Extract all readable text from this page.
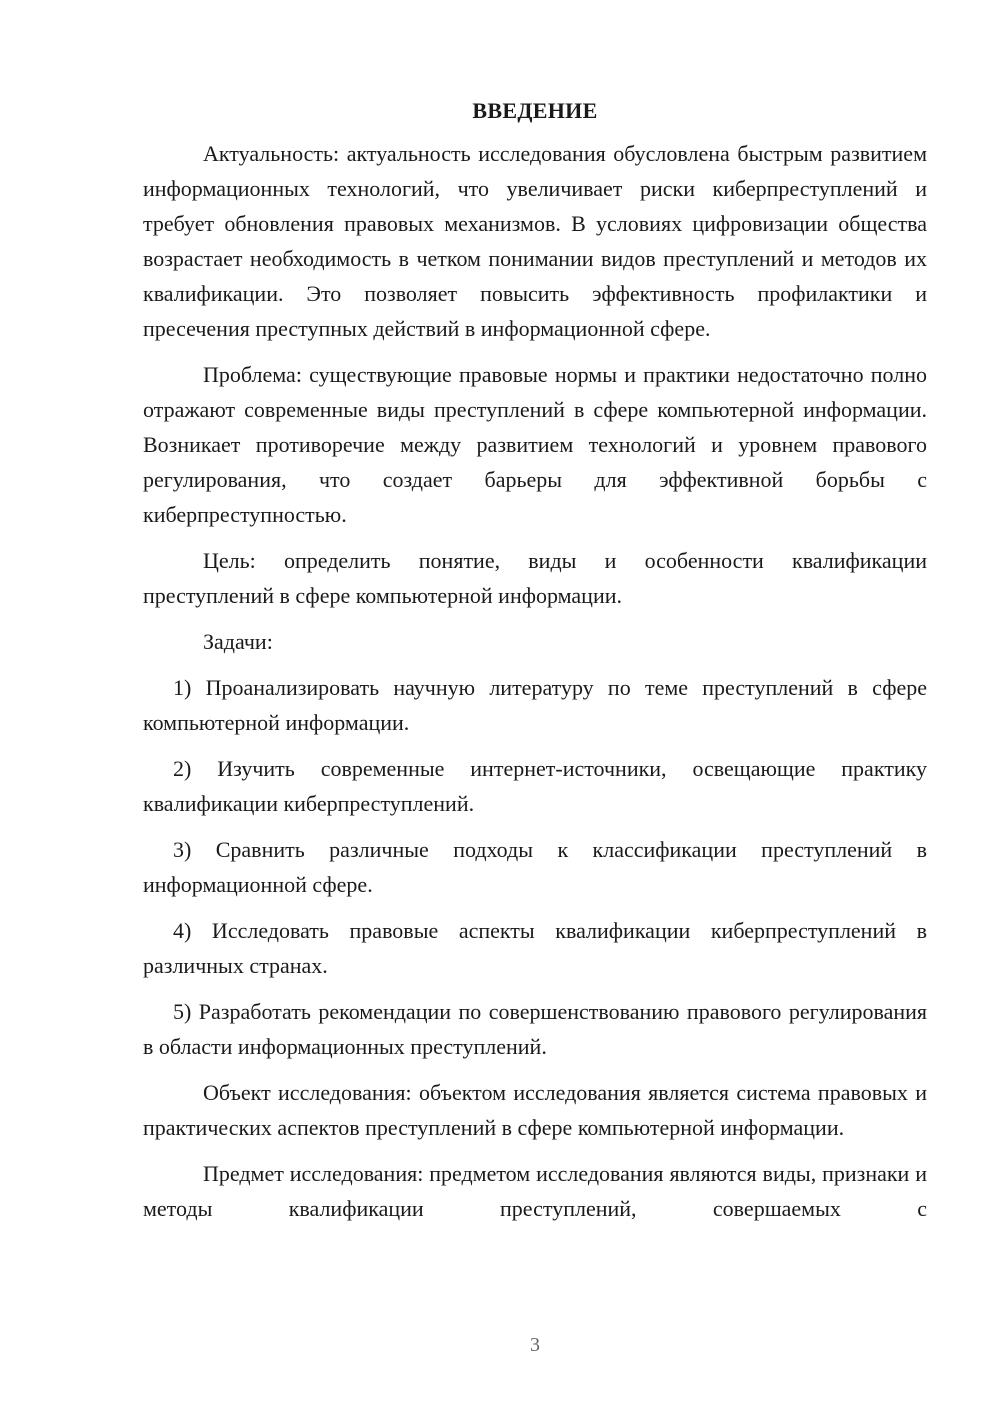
ВВЕДЕНИЕ

Актуальность: актуальность исследования обусловлена быстрым развитием информационных технологий, что увеличивает риски киберпреступлений и требует обновления правовых механизмов. В условиях цифровизации общества возрастает необходимость в четком понимании видов преступлений и методов их квалификации. Это позволяет повысить эффективность профилактики и пресечения преступных действий в информационной сфере.

Проблема: существующие правовые нормы и практики недостаточно полно отражают современные виды преступлений в сфере компьютерной информации. Возникает противоречие между развитием технологий и уровнем правового регулирования, что создает барьеры для эффективной борьбы с киберпреступностью.

Цель: определить понятие, виды и особенности квалификации преступлений в сфере компьютерной информации.

Задачи:

1) Проанализировать научную литературу по теме преступлений в сфере компьютерной информации.

2) Изучить современные интернет-источники, освещающие практику квалификации киберпреступлений.

3) Сравнить различные подходы к классификации преступлений в информационной сфере.

4) Исследовать правовые аспекты квалификации киберпреступлений в различных странах.

5) Разработать рекомендации по совершенствованию правового регулирования в области информационных преступлений.

Объект исследования: объектом исследования является система правовых и практических аспектов преступлений в сфере компьютерной информации.

Предмет исследования: предметом исследования являются виды, признаки и методы квалификации преступлений, совершаемых с

3
